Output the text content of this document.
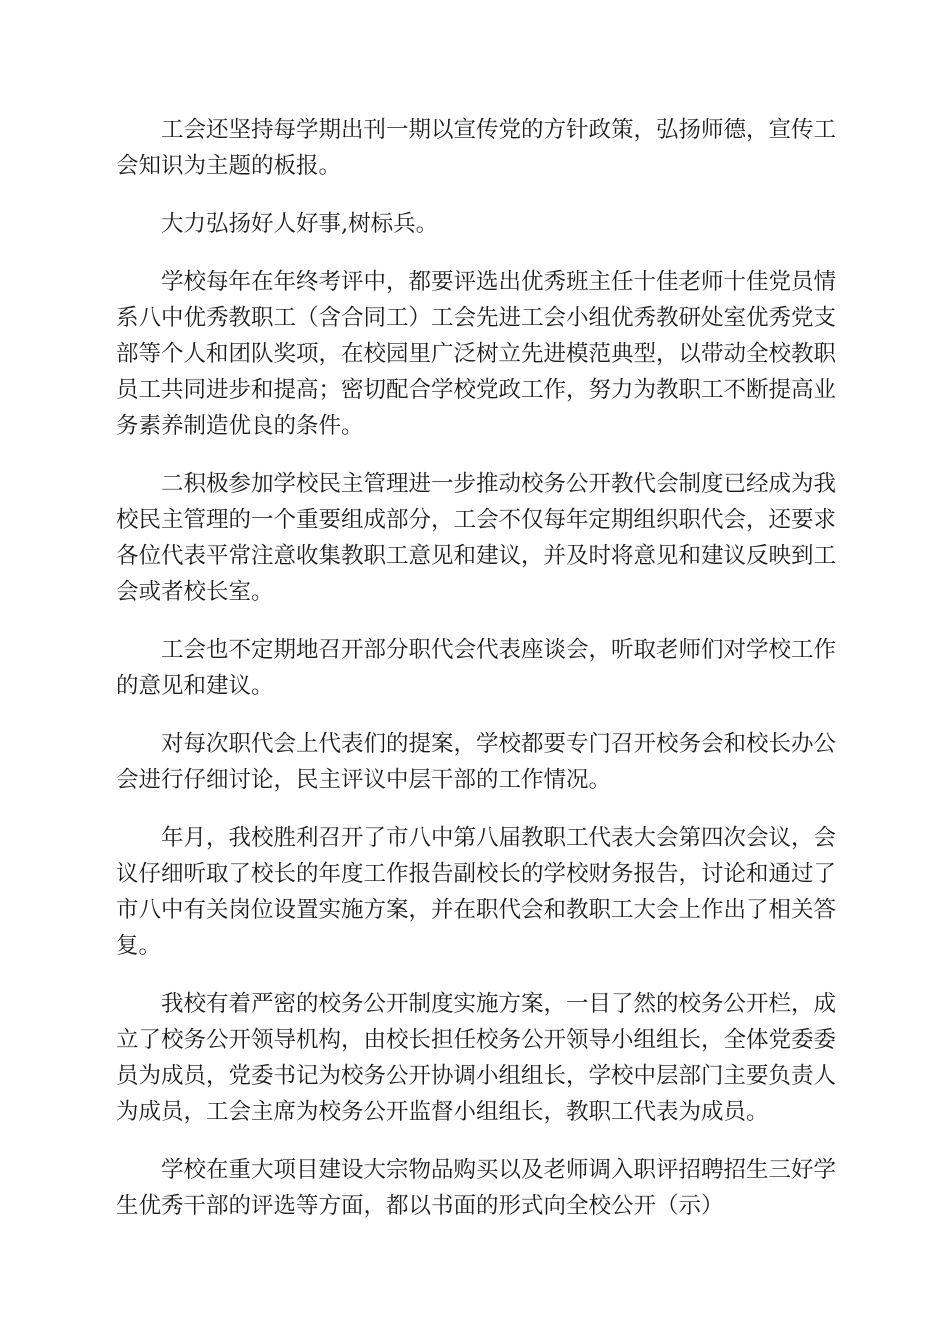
工会还坚持每学期出刊一期以宣传党的方针政策，弘扬师德，宣传工会知识为主题的板报。

大力弘扬好人好事,树标兵。

学校每年在年终考评中，都要评选出优秀班主任十佳老师十佳党员情系八中优秀教职工（含合同工）工会先进工会小组优秀教研处室优秀党支部等个人和团队奖项，在校园里广泛树立先进模范典型，以带动全校教职员工共同进步和提高；密切配合学校党政工作，努力为教职工不断提高业务素养制造优良的条件。

二积极参加学校民主管理进一步推动校务公开教代会制度已经成为我校民主管理的一个重要组成部分，工会不仅每年定期组织职代会，还要求各位代表平常注意收集教职工意见和建议，并及时将意见和建议反映到工会或者校长室。

工会也不定期地召开部分职代会代表座谈会，听取老师们对学校工作的意见和建议。

对每次职代会上代表们的提案，学校都要专门召开校务会和校长办公会进行仔细讨论，民主评议中层干部的工作情况。

年月，我校胜利召开了市八中第八届教职工代表大会第四次会议，会议仔细听取了校长的年度工作报告副校长的学校财务报告，讨论和通过了市八中有关岗位设置实施方案，并在职代会和教职工大会上作出了相关答复。

我校有着严密的校务公开制度实施方案，一目了然的校务公开栏，成立了校务公开领导机构，由校长担任校务公开领导小组组长，全体党委委员为成员，党委书记为校务公开协调小组组长，学校中层部门主要负责人为成员，工会主席为校务公开监督小组组长，教职工代表为成员。

学校在重大项目建设大宗物品购买以及老师调入职评招聘招生三好学生优秀干部的评选等方面，都以书面的形式向全校公开（示）
